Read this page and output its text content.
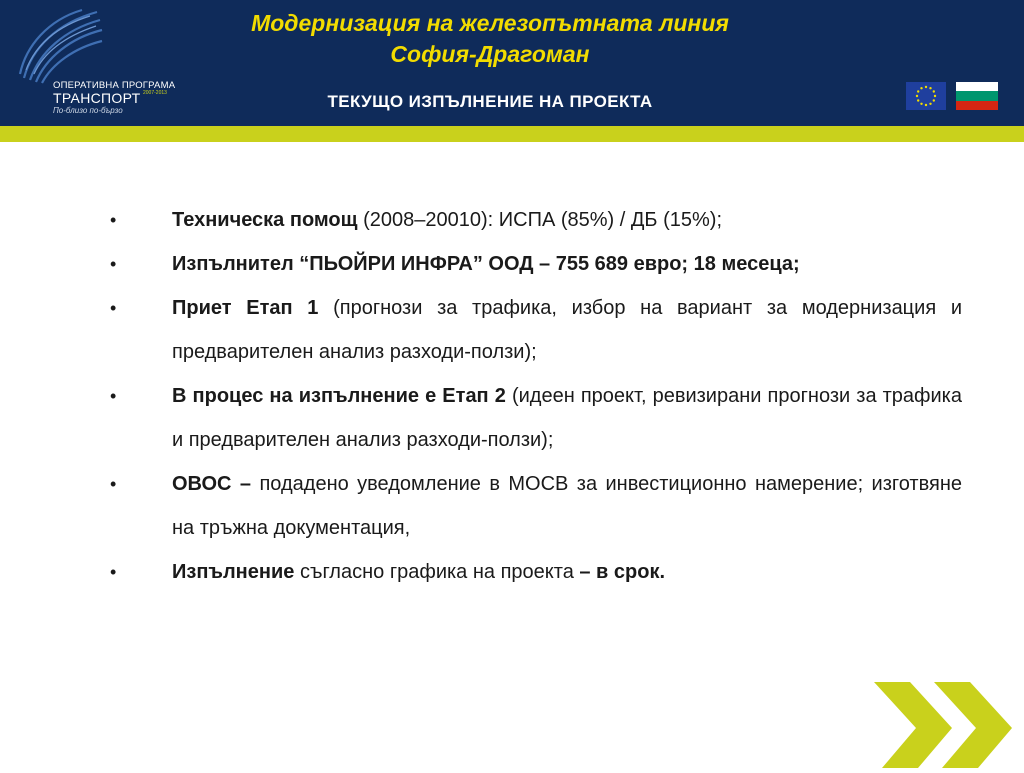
ОПЕРАТИВНА ПРОГРАМА
ТРАНСПОРТ 2007-2013
По-близо по-бързо
Модернизация на железопътната линия
София-Драгоман
ТЕКУЩО ИЗПЪЛНЕНИЕ НА ПРОЕКТА
•	Техническа помощ (2008–20010): ИСПА (85%) / ДБ (15%);
•	Изпълнител “ПЬОЙРИ ИНФРА” ООД – 755 689 евро; 18 месеца;
•	Приет Етап 1 (прогнози за трафика, избор на вариант за модернизация и предварителен анализ разходи-ползи);
•	В процес на изпълнение е Етап 2 (идеен проект, ревизирани прогнози за трафика и предварителен анализ разходи-ползи);
•	ОВОС – подадено уведомление в МОСВ за инвестиционно намерение; изготвяне на тръжна документация,
•	Изпълнение съгласно графика на проекта – в срок.
